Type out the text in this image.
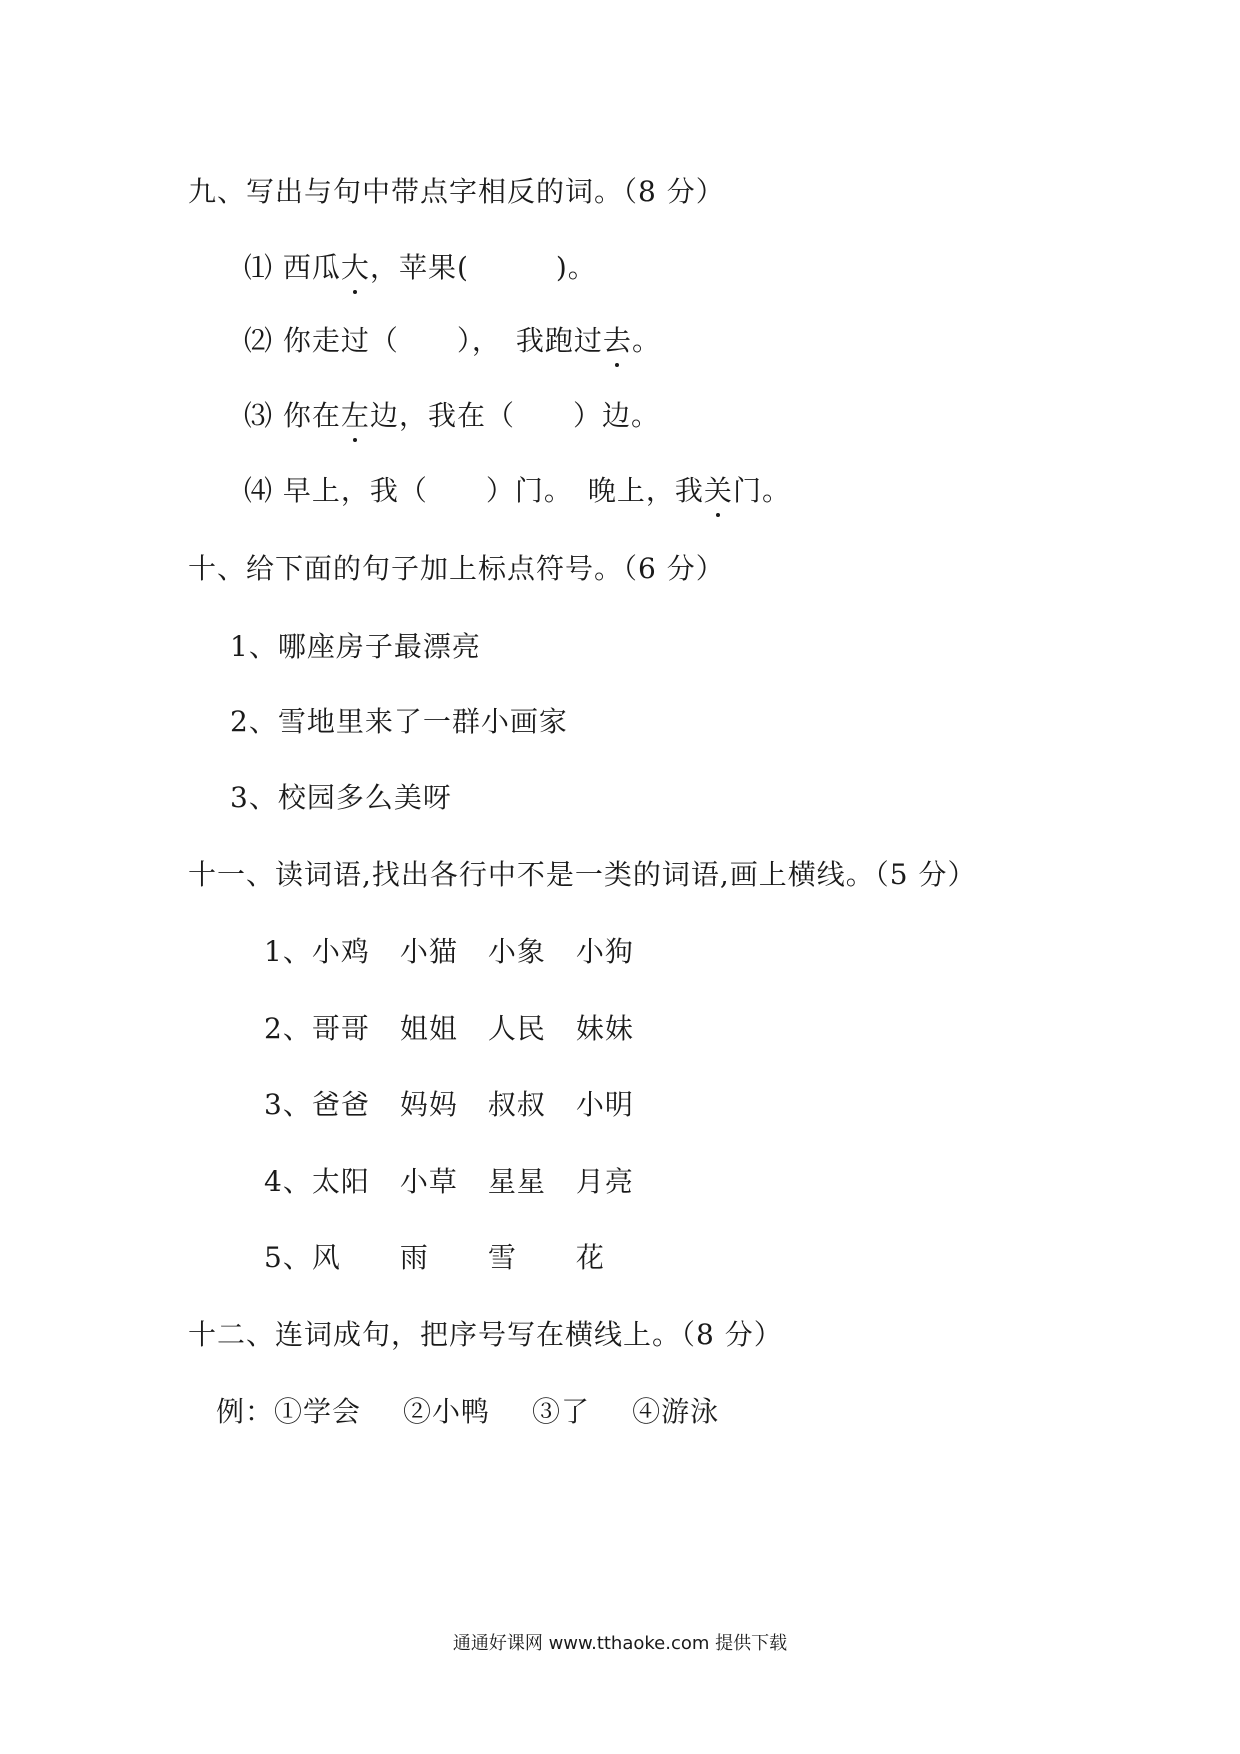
九、写出与句中带点字相反的词。（8 分）
⑴ 西瓜大，苹果(　　　)。
⑵ 你走过（　　），　我跑过去。
⑶ 你在左边，我在（　　）边。
⑷ 早上，我（　　）门。　晚上，我关门。
十、给下面的句子加上标点符号。（6 分）
1、哪座房子最漂亮
2、雪地里来了一群小画家
3、校园多么美呀
十一、读词语,找出各行中不是一类的词语,画上横线。（5 分）
1、小鸡 小猫 小象 小狗
2、哥哥 姐姐 人民 妹妹
3、爸爸 妈妈 叔叔 小明
4、太阳 小草 星星 月亮
5、风 雨 雪 花
十二、连词成句，把序号写在横线上。（8 分）
例：①学会 ②小鸭 ③了 ④游泳
通通好课网 www.tthaoke.com 提供下载
